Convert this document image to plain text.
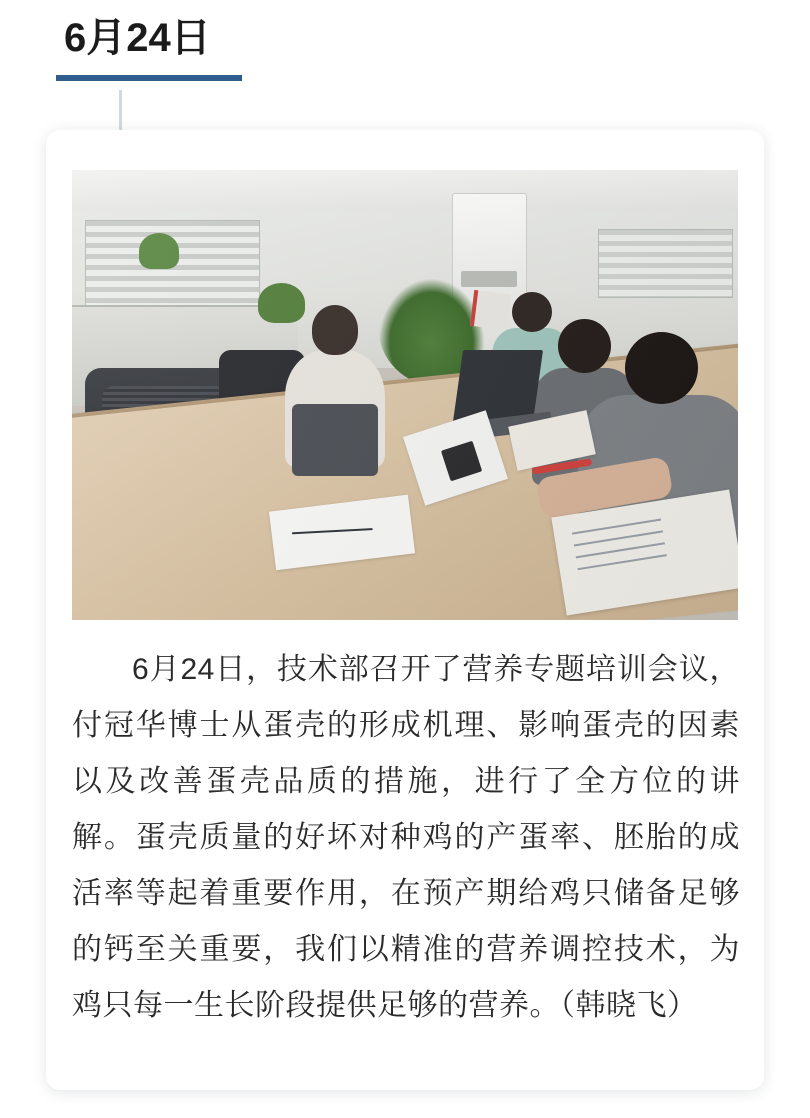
6月24日
6月24日，技术部召开了营养专题培训会议，付冠华博士从蛋壳的形成机理、影响蛋壳的因素以及改善蛋壳品质的措施，进行了全方位的讲解。蛋壳质量的好坏对种鸡的产蛋率、胚胎的成活率等起着重要作用，在预产期给鸡只储备足够的钙至关重要，我们以精准的营养调控技术，为鸡只每一生长阶段提供足够的营养。（韩晓飞）
